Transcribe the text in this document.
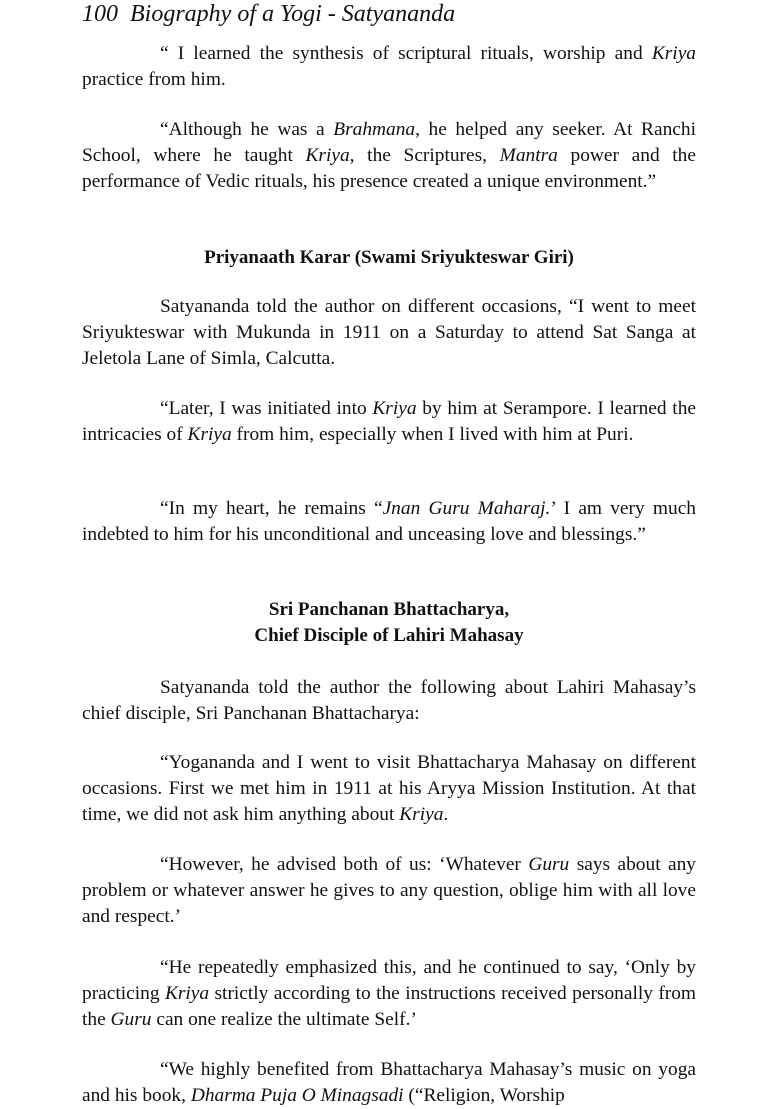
100 Biography of a Yogi - Satyananda

“ I learned the synthesis of scriptural rituals, worship and Kriya practice from him.

“Although he was a Brahmana, he helped any seeker. At Ranchi School, where he taught Kriya, the Scriptures, Mantra power and the performance of Vedic rituals, his presence created a unique environment.”

Priyanaath Karar (Swami Sriyukteswar Giri)

Satyananda told the author on different occasions, “I went to meet Sriyukteswar with Mukunda in 1911 on a Saturday to attend Sat Sanga at Jeletola Lane of Simla, Calcutta.

“Later, I was initiated into Kriya by him at Serampore. I learned the intricacies of Kriya from him, especially when I lived with him at Puri.

“In my heart, he remains “Jnan Guru Maharaj.’ I am very much indebted to him for his unconditional and unceasing love and blessings.”

Sri Panchanan Bhattacharya,
Chief Disciple of Lahiri Mahasay

Satyananda told the author the following about Lahiri Mahasay’s chief disciple, Sri Panchanan Bhattacharya:

“Yogananda and I went to visit Bhattacharya Mahasay on different occasions. First we met him in 1911 at his Aryya Mission Institution. At that time, we did not ask him anything about Kriya.

“However, he advised both of us: ‘Whatever Guru says about any problem or whatever answer he gives to any question, oblige him with all love and respect.’

“He repeatedly emphasized this, and he continued to say, ‘Only by practicing Kriya strictly according to the instructions received personally from the Guru can one realize the ultimate Self.’

“We highly benefited from Bhattacharya Mahasay’s music on yoga and his book, Dharma Puja O Minagsadi (“Religion, Worship
